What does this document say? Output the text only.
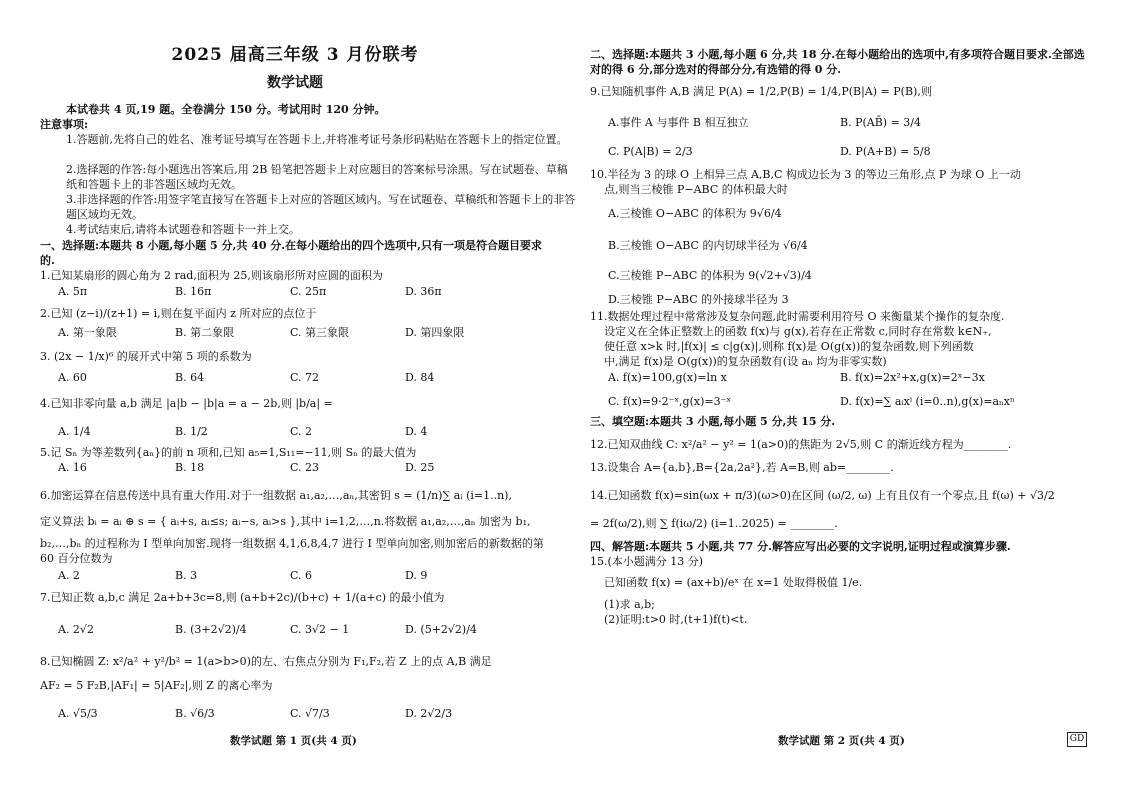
2025 届高三年级 3 月份联考
数学试题
本试卷共 4 页,19 题。全卷满分 150 分。考试用时 120 分钟。
注意事项:
1.答题前,先将自己的姓名、准考证号填写在答题卡上,并将准考证号条形码粘贴在答题卡上的指定位置。
2.选择题的作答:每小题选出答案后,用 2B 铅笔把答题卡上对应题目的答案标号涂黑。写在试题卷、草稿纸和答题卡上的非答题区域均无效。
3.非选择题的作答:用签字笔直接写在答题卡上对应的答题区域内。写在试题卷、草稿纸和答题卡上的非答题区域均无效。
4.考试结束后,请将本试题卷和答题卡一并上交。
一、选择题:本题共 8 小题,每小题 5 分,共 40 分.在每小题给出的四个选项中,只有一项是符合题目要求的.
1.已知某扇形的圆心角为 2 rad,面积为 25,则该扇形所对应圆的面积为
A. 5π	B. 16π	C. 25π	D. 36π
2.已知 (z−i)/(z+1) = i,则在复平面内 z 所对应的点位于
A. 第一象限	B. 第二象限	C. 第三象限	D. 第四象限
3. (2x − 1/x)⁶ 的展开式中第 5 项的系数为
A. 60	B. 64	C. 72	D. 84
4.已知非零向量 a,b 满足 |a|b − |b|a = a − 2b,则 |b/a| =
A. 1/4	B. 1/2	C. 2	D. 4
5.记 Sₙ 为等差数列{aₙ}的前 n 项和,已知 a₅=1,S₁₁=−11,则 Sₙ 的最大值为
A. 16	B. 18	C. 23	D. 25
6.加密运算在信息传送中具有重大作用.对于一组数据 a₁,a₂,…,aₙ,其密钥 s = (1/n)∑ aᵢ (i=1..n),
定义算法 bᵢ = aᵢ ⊕ s = { aᵢ+s, aᵢ≤s; aᵢ−s, aᵢ>s },其中 i=1,2,…,n.将数据 a₁,a₂,…,aₙ 加密为 b₁,
b₂,…,bₙ 的过程称为 I 型单向加密.现将一组数据 4,1,6,8,4,7 进行 I 型单向加密,则加密后的新数据的第 60 百分位数为
A. 2	B. 3	C. 6	D. 9
7.已知正数 a,b,c 满足 2a+b+3c=8,则 (a+b+2c)/(b+c) + 1/(a+c) 的最小值为
A. 2√2	B. (3+2√2)/4	C. 3√2 − 1	D. (5+2√2)/4
8.已知椭圆 Z: x²/a² + y²/b² = 1(a>b>0)的左、右焦点分别为 F₁,F₂,若 Z 上的点 A,B 满足
AF₂ = 5 F₂B,|AF₁| = 5|AF₂|,则 Z 的离心率为
A. √5/3	B. √6/3	C. √7/3	D. 2√2/3
数学试题 第 1 页(共 4 页)
二、选择题:本题共 3 小题,每小题 6 分,共 18 分.在每小题给出的选项中,有多项符合题目要求.全部选对的得 6 分,部分选对的得部分分,有选错的得 0 分.
9.已知随机事件 A,B 满足 P(A) = 1/2,P(B) = 1/4,P(B|A) = P(B),则
A.事件 A 与事件 B 相互独立	B. P(AB̄) = 3/4
C. P(A|B) = 2/3	D. P(A+B) = 5/8
10.半径为 3 的球 O 上相异三点 A,B,C 构成边长为 3 的等边三角形,点 P 为球 O 上一动
点,则当三棱锥 P−ABC 的体积最大时
A.三棱锥 O−ABC 的体积为 9√6/4
B.三棱锥 O−ABC 的内切球半径为 √6/4
C.三棱锥 P−ABC 的体积为 9(√2+√3)/4
D.三棱锥 P−ABC 的外接球半径为 3
11.数据处理过程中常常涉及复杂问题,此时需要利用符号 O 来衡量某个操作的复杂度.
设定义在全体正整数上的函数 f(x)与 g(x),若存在正常数 c,同时存在常数 k∈N₊,
使任意 x>k 时,|f(x)| ≤ c|g(x)|,则称 f(x)是 O(g(x))的复杂函数,则下列函数
中,满足 f(x)是 O(g(x))的复杂函数有(设 aₙ 均为非零实数)
A. f(x)=100,g(x)=ln x	B. f(x)=2x²+x,g(x)=2ˣ−3x
C. f(x)=9·2⁻ˣ,g(x)=3⁻ˣ	D. f(x)=∑ aᵢxⁱ (i=0..n),g(x)=aₙxⁿ
三、填空题:本题共 3 小题,每小题 5 分,共 15 分.
12.已知双曲线 C: x²/a² − y² = 1(a>0)的焦距为 2√5,则 C 的渐近线方程为________.
13.设集合 A={a,b},B={2a,2a²},若 A=B,则 ab=________.
14.已知函数 f(x)=sin(ωx + π/3)(ω>0)在区间 (ω/2, ω) 上有且仅有一个零点,且 f(ω) + √3/2
= 2f(ω/2),则 ∑ f(iω/2) (i=1..2025) = ________.
四、解答题:本题共 5 小题,共 77 分.解答应写出必要的文字说明,证明过程或演算步骤.
15.(本小题满分 13 分)
已知函数 f(x) = (ax+b)/eˣ 在 x=1 处取得极值 1/e.
(1)求 a,b;
(2)证明:t>0 时,(t+1)f(t)<t.
数学试题 第 2 页(共 4 页)	GD
